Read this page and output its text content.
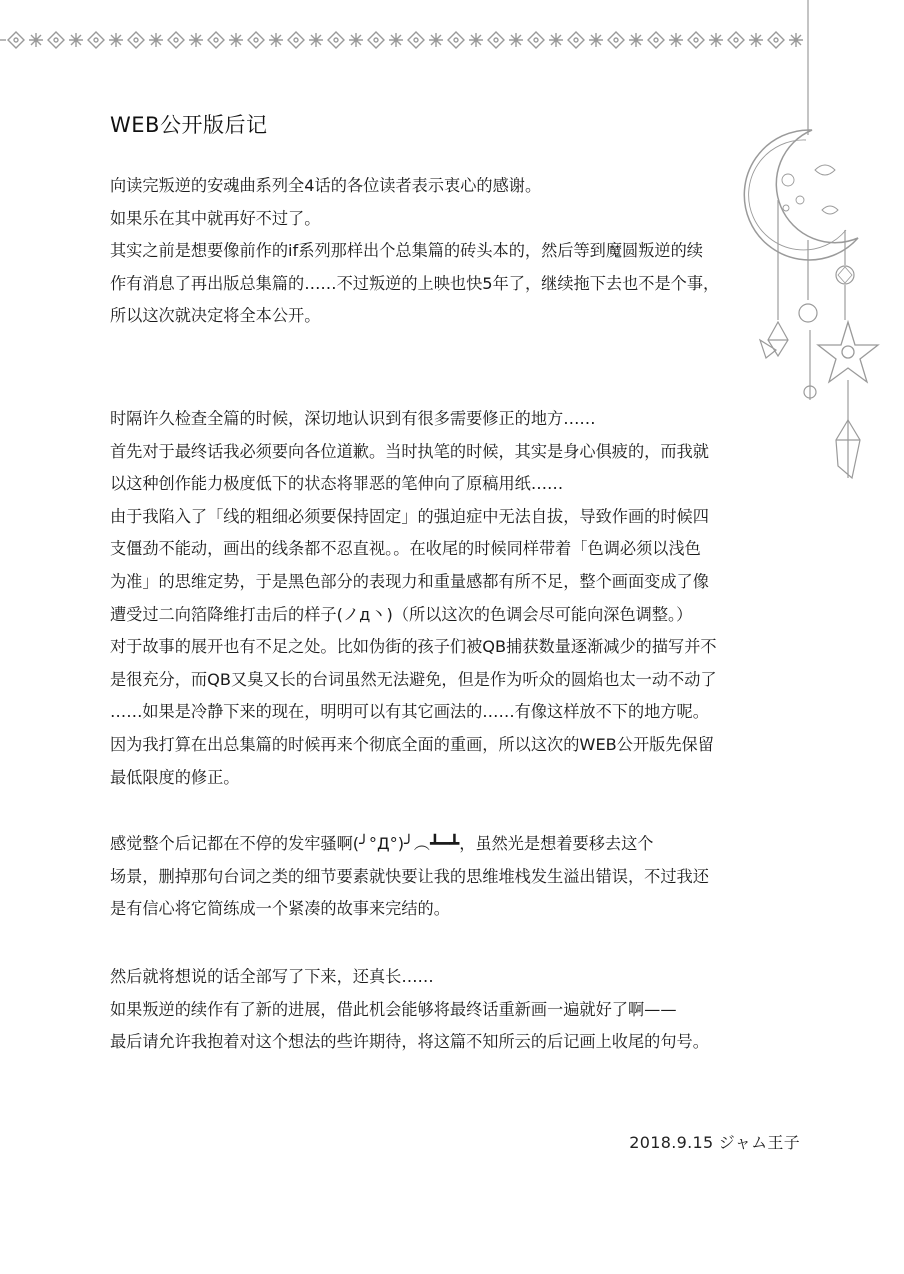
WEB公开版后记

向读完叛逆的安魂曲系列全4话的各位读者表示衷心的感谢。

如果乐在其中就再好不过了。

其实之前是想要像前作的if系列那样出个总集篇的砖头本的，然后等到魔圆叛逆的续

作有消息了再出版总集篇的……不过叛逆的上映也快5年了，继续拖下去也不是个事，

所以这次就决定将全本公开。

时隔许久检查全篇的时候，深切地认识到有很多需要修正的地方……

首先对于最终话我必须要向各位道歉。当时执笔的时候，其实是身心俱疲的，而我就

以这种创作能力极度低下的状态将罪恶的笔伸向了原稿用纸……

由于我陷入了「线的粗细必须要保持固定」的强迫症中无法自拔，导致作画的时候四

支僵劲不能动，画出的线条都不忍直视。。在收尾的时候同样带着「色调必须以浅色

为准」的思维定势，于是黑色部分的表现力和重量感都有所不足，整个画面变成了像

遭受过二向箔降维打击后的样子(ノд丶)（所以这次的色调会尽可能向深色调整。）

对于故事的展开也有不足之处。比如伪街的孩子们被QB捕获数量逐渐减少的描写并不

是很充分，而QB又臭又长的台词虽然无法避免，但是作为听众的圆焰也太一动不动了

……如果是冷静下来的现在，明明可以有其它画法的……有像这样放不下的地方呢。

因为我打算在出总集篇的时候再来个彻底全面的重画，所以这次的WEB公开版先保留

最低限度的修正。

感觉整个后记都在不停的发牢骚啊(╯°Д°)╯︵┻━┻，虽然光是想着要移去这个

场景，删掉那句台词之类的细节要素就快要让我的思维堆栈发生溢出错误，不过我还

是有信心将它简练成一个紧凑的故事来完结的。

然后就将想说的话全部写了下来，还真长……

如果叛逆的续作有了新的进展，借此机会能够将最终话重新画一遍就好了啊——

最后请允许我抱着对这个想法的些许期待，将这篇不知所云的后记画上收尾的句号。

2018.9.15 ジャム王子
